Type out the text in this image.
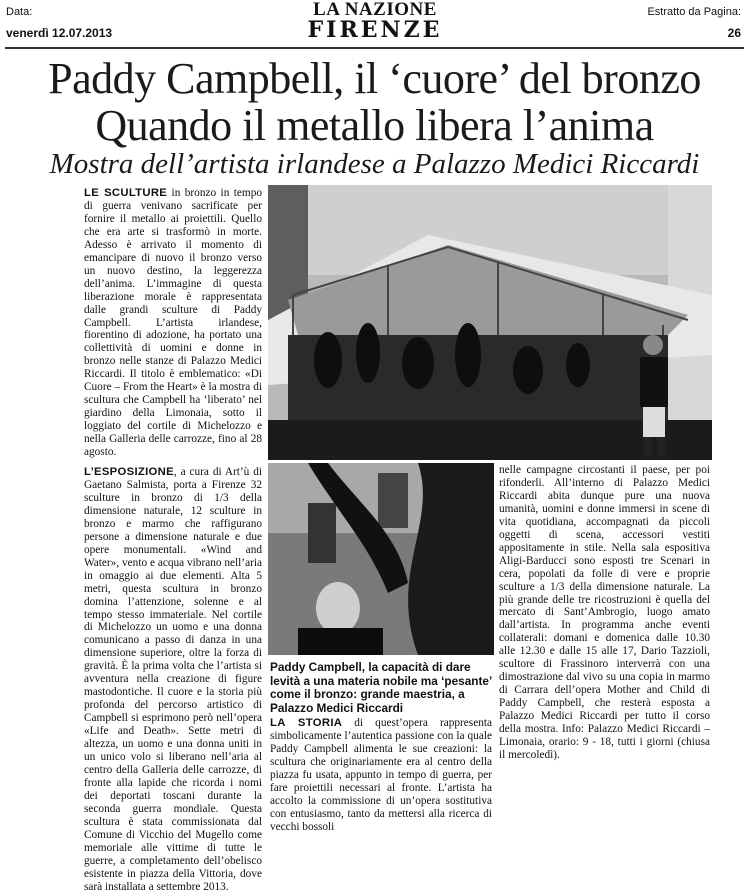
Data:
venerdì 12.07.2013
LA NAZIONE
FIRENZE
Estratto da Pagina:
26
Paddy Campbell, il ‘cuore’ del bronzo
Quando il metallo libera l’anima
Mostra dell’artista irlandese a Palazzo Medici Riccardi

LE SCULTURE in bronzo in tempo di guerra venivano sacrificate per fornire il metallo ai proiettili. Quello che era arte si trasformò in morte. Adesso è arrivato il momento di emancipare di nuovo il bronzo verso un nuovo destino, la leggerezza dell’anima. L’immagine di questa liberazione morale è rappresentata dalle grandi sculture di Paddy Campbell. L’artista irlandese, fiorentino di adozione, ha portato una collettività di uomini e donne in bronzo nelle stanze di Palazzo Medici Riccardi. Il titolo è emblematico: «Di Cuore – From the Heart» è la mostra di scultura che Campbell ha ‘liberato’ nel giardino della Limonaia, sotto il loggiato del cortile di Michelozzo e nella Galleria delle carrozze, fino al 28 agosto.

L’ESPOSIZIONE, a cura di Art’ù di Gaetano Salmista, porta a Firenze 32 sculture in bronzo di 1/3 della dimensione naturale, 12 sculture in bronzo e marmo che raffigurano persone a dimensione naturale e due opere monumentali. «Wind and Water», vento e acqua vibrano nell’aria in omaggio ai due elementi. Alta 5 metri, questa scultura in bronzo domina l’attenzione, solenne e al tempo stesso immateriale. Nel cortile di Michelozzo un uomo e una donna comunicano a passo di danza in una dimensione superiore, oltre la forza di gravità. È la prima volta che l’artista si avventura nella creazione di figure mastodontiche. Il cuore e la storia più profonda del percorso artistico di Campbell si esprimono però nell’opera «Life and Death». Sette metri di altezza, un uomo e una donna uniti in un unico volo si liberano nell’aria al centro della Galleria delle carrozze, di fronte alla lapide che ricorda i nomi dei deportati toscani durante la seconda guerra mondiale. Questa scultura è stata commissionata dal Comune di Vicchio del Mugello come memoriale alle vittime di tutte le guerre, a completamento dell’obelisco esistente in piazza della Vittoria, dove sarà installata a settembre 2013.

Paddy Campbell, la capacità di dare levità a una materia nobile ma ‘pesante’ come il bronzo: grande maestria, a Palazzo Medici Riccardi

LA STORIA di quest’opera rappresenta simbolicamente l’autentica passione con la quale Paddy Campbell alimenta le sue creazioni: la scultura che originariamente era al centro della piazza fu usata, appunto in tempo di guerra, per fare proiettili necessari al fronte. L’artista ha accolto la commissione di un’opera sostitutiva con entusiasmo, tanto da mettersi alla ricerca di vecchi bossoli

nelle campagne circostanti il paese, per poi rifonderli. All’interno di Palazzo Medici Riccardi abita dunque pure una nuova umanità, uomini e donne immersi in scene di vita quotidiana, accompagnati da piccoli oggetti di scena, accessori vestiti appositamente in stile. Nella sala espositiva Aligi-Barducci sono esposti tre Scenari in cera, popolati da folle di vere e proprie sculture a 1/3 della dimensione naturale. La più grande delle tre ricostruzioni è quella del mercato di Sant’Ambrogio, luogo amato dall’artista. In programma anche eventi collaterali: domani e domenica dalle 10.30 alle 12.30 e dalle 15 alle 17, Dario Tazzioli, scultore di Frassinoro interverrà con una dimostrazione dal vivo su una copia in marmo di Carrara dell’opera Mother and Child di Paddy Campbell, che resterà esposta a Palazzo Medici Riccardi per tutto il corso della mostra. Info: Palazzo Medici Riccardi – Limonaia, orario: 9 - 18, tutti i giorni (chiusa il mercoledì).
